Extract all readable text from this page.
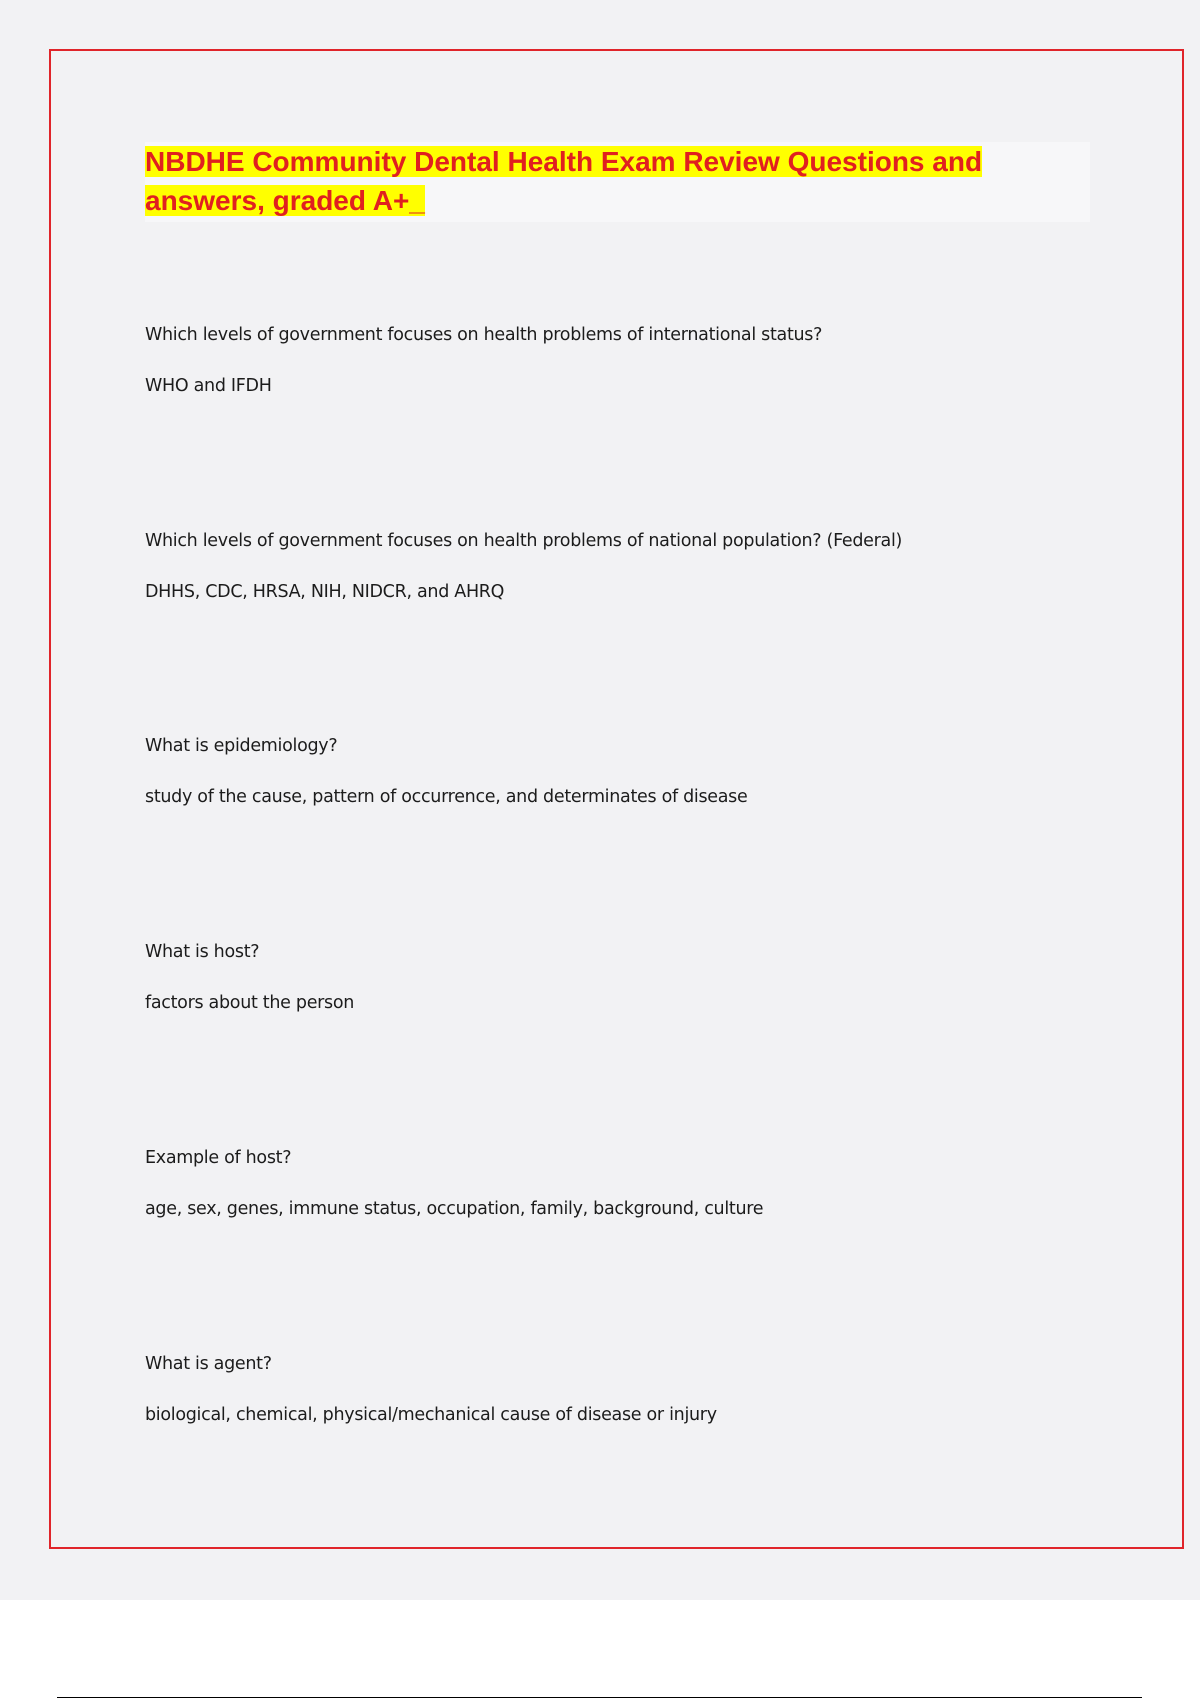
NBDHE Community Dental Health Exam Review Questions and
answers, graded A+_

Which levels of government focuses on health problems of international status?
WHO and IFDH
Which levels of government focuses on health problems of national population? (Federal)
DHHS, CDC, HRSA, NIH, NIDCR, and AHRQ
What is epidemiology?
study of the cause, pattern of occurrence, and determinates of disease
What is host?
factors about the person
Example of host?
age, sex, genes, immune status, occupation, family, background, culture
What is agent?
biological, chemical, physical/mechanical cause of disease or injury
